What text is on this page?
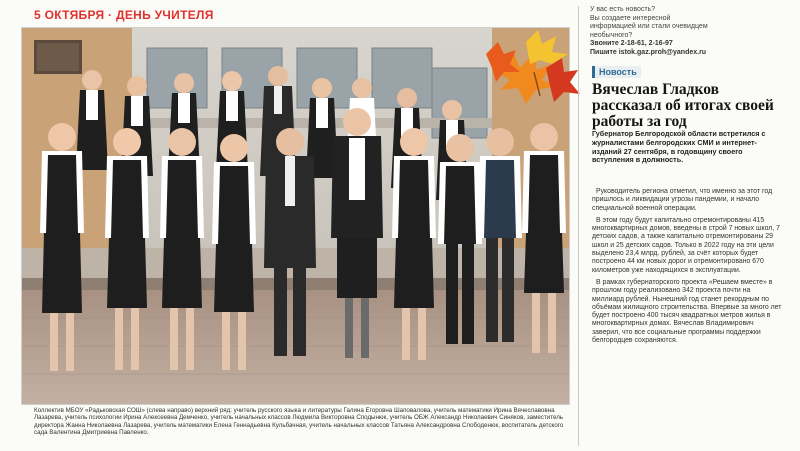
5 ОКТЯБРЯ · ДЕНЬ УЧИТЕЛЯ
Коллектив МБОУ «Радьковская СОШ» (слева направо) верхний ряд: учитель русского языка и литературы Галина Егоровна Шаповалова, учитель математики Ирина Вячеславовна Лазарева, учитель психологии Ирина Алексеевна Демченко, учитель начальных классов Людмила Викторовна Сподынюк, учитель ОБЖ Александр Николаевич Синяков, заместитель директора Жанна Николаевна Лазарева, учитель математики Елена Геннадьевна Кульбачная, учитель начальных классов Татьяна Александровна Слободенюк, воспитатель детского сада Валентина Дмитриевна Павленко.
У вас есть новость?
Вы создаете интересной
информацией или стали очевидцем
необычного?
Звоните 2-18-61, 2-16-97
Пишите istok.gaz.proh@yandex.ru
Новость
Вячеслав Гладков рассказал об итогах своей работы за год
Губернатор Белгородской области встретился с журналистами белгородских СМИ и интернет-изданий 27 сентября, в годовщину своего вступления в должность.

Руководитель региона отметил, что именно за этот год пришлось и ликвидации угрозы пандемии, и начало специальной военной операции.

В этом году будут капитально отремонтированы 415 многоквартирных домов, введены в строй 7 новых школ, 7 детских садов, а также капитально отремонтированы 29 школ и 25 детских садов. Только в 2022 году на эти цели выделено 23,4 млрд. рублей, за счёт которых будет построено 44 км новых дорог и отремонтировано 670 километров уже находящихся в эксплуатации.

В рамках губернаторского проекта «Решаем вместе» в прошлом году реализовано 342 проекта почти на миллиард рублей. Нынешний год станет рекордным по объёмам жилищного строительства. Впервые за много лет будет построено 400 тысяч квадратных метров жилья в многоквартирных домах. Вячеслав Владимирович заверил, что все социальные программы поддержки белгородцев сохраняются.
